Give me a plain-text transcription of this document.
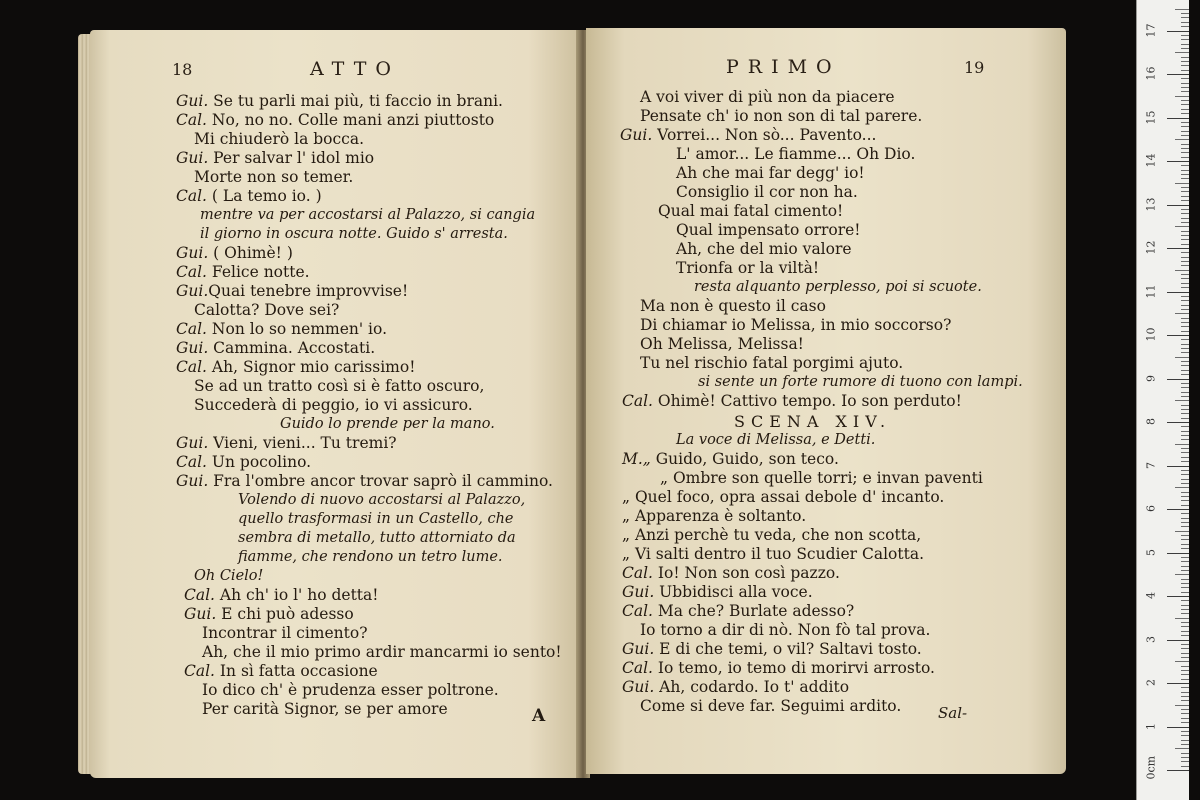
18	ATTO
Gui. Se tu parli mai più, ti faccio in brani.
Cal. No, no no. Colle mani anzi piuttosto
Mi chiuderò la bocca.
Gui. Per salvar l' idol mio
Morte non so temer.
Cal. ( La temo io. )
mentre va per accostarsi al Palazzo, si cangia
il giorno in oscura notte. Guido s' arresta.
Gui. ( Ohimè! )
Cal. Felice notte.
Gui.Quai tenebre improvvise!
Calotta? Dove sei?
Cal. Non lo so nemmen' io.
Gui. Cammina. Accostati.
Cal. Ah, Signor mio carissimo!
Se ad un tratto così si è fatto oscuro,
Succederà di peggio, io vi assicuro.
Guido lo prende per la mano.
Gui. Vieni, vieni... Tu tremi?
Cal. Un pocolino.
Gui. Fra l'ombre ancor trovar saprò il cammino.
Volendo di nuovo accostarsi al Palazzo,
quello trasformasi in un Castello, che
sembra di metallo, tutto attorniato da
fiamme, che rendono un tetro lume.
Oh Cielo!
Cal. Ah ch' io l' ho detta!
Gui. E chi può adesso
Incontrar il cimento?
Ah, che il mio primo ardir mancarmi io sento!
Cal. In sì fatta occasione
Io dico ch' è prudenza esser poltrone.
Per carità Signor, se per amore	A
PRIMO	19
A voi viver di più non da piacere
Pensate ch' io non son di tal parere.
Gui. Vorrei... Non sò... Pavento...
L' amor... Le fiamme... Oh Dio.
Ah che mai far degg' io!
Consiglio il cor non ha.
Qual mai fatal cimento!
Qual impensato orrore!
Ah, che del mio valore
Trionfa or la viltà!
resta alquanto perplesso, poi si scuote.
Ma non è questo il caso
Di chiamar io Melissa, in mio soccorso?
Oh Melissa, Melissa!
Tu nel rischio fatal porgimi ajuto.
si sente un forte rumore di tuono con lampi.
Cal. Ohimè! Cattivo tempo. Io son perduto!
SCENA XIV.
La voce di Melissa, e Detti.
M.„ Guido, Guido, son teco.
„ Ombre son quelle torri; e invan paventi
„ Quel foco, opra assai debole d' incanto.
„ Apparenza è soltanto.
„ Anzi perchè tu veda, che non scotta,
„ Vi salti dentro il tuo Scudier Calotta.
Cal. Io! Non son così pazzo.
Gui. Ubbidisci alla voce.
Cal. Ma che? Burlate adesso?
Io torno a dir di nò. Non fò tal prova.
Gui. E di che temi, o vil? Saltavi tosto.
Cal. Io temo, io temo di morirvi arrosto.
Gui. Ah, codardo. Io t' addito
Come si deve far. Seguimi ardito. Sal-
0cm
1
2
3
4
5
6
7
8
9
10
11
12
13
14
15
16
17
